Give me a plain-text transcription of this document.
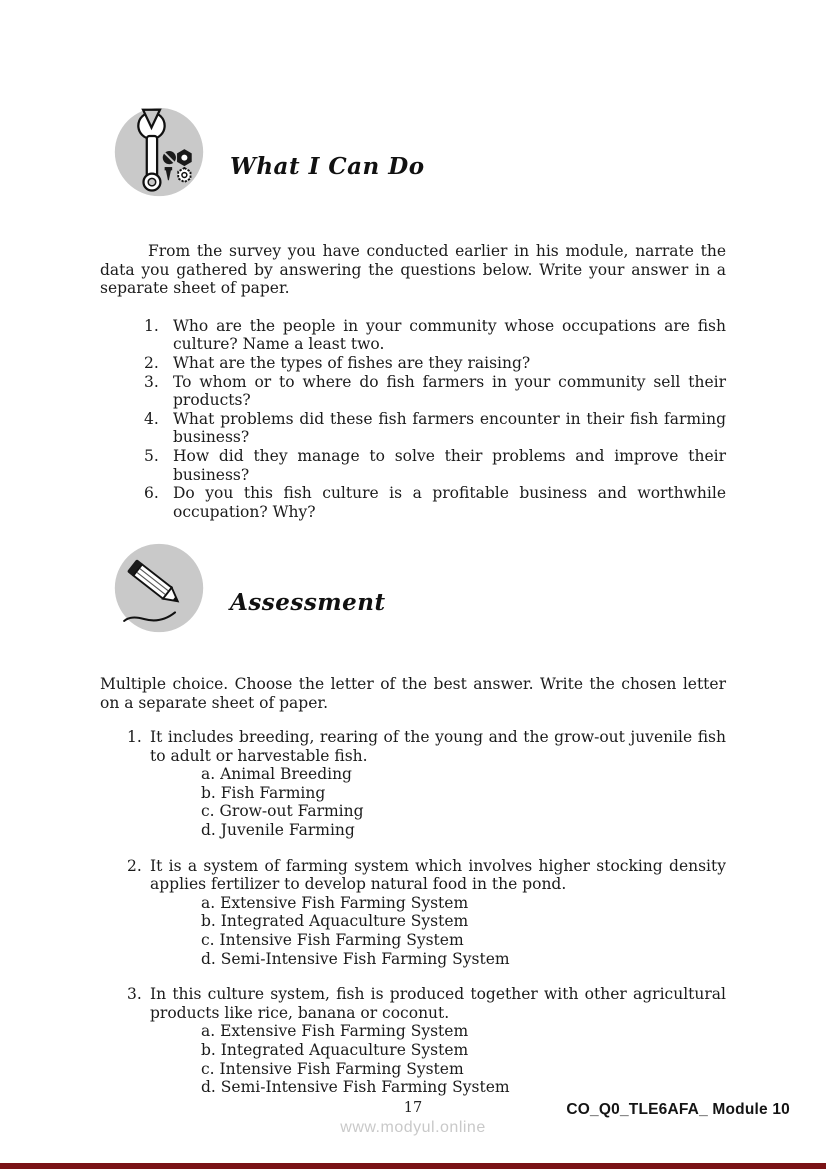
What I Can Do

From the survey you have conducted earlier in his module, narrate the data you gathered by answering the questions below. Write your answer in a separate sheet of paper.

1. Who are the people in your community whose occupations are fish culture? Name a least two.
2. What are the types of fishes are they raising?
3. To whom or to where do fish farmers in your community sell their products?
4. What problems did these fish farmers encounter in their fish farming business?
5. How did they manage to solve their problems and improve their business?
6. Do you this fish culture is a profitable business and worthwhile occupation? Why?
Assessment

Multiple choice. Choose the letter of the best answer. Write the chosen letter on a separate sheet of paper.

1. It includes breeding, rearing of the young and the grow-out juvenile fish to adult or harvestable fish.
a. Animal Breeding
b. Fish Farming
c. Grow-out Farming
d. Juvenile Farming
2. It is a system of farming system which involves higher stocking density applies fertilizer to develop natural food in the pond.
a. Extensive Fish Farming System
b. Integrated Aquaculture System
c. Intensive Fish Farming System
d. Semi-Intensive Fish Farming System
3. In this culture system, fish is produced together with other agricultural products like rice, banana or coconut.
a. Extensive Fish Farming System
b. Integrated Aquaculture System
c. Intensive Fish Farming System
d. Semi-Intensive Fish Farming System
17
www.modyul.online
CO_Q0_TLE6AFA_ Module 10
